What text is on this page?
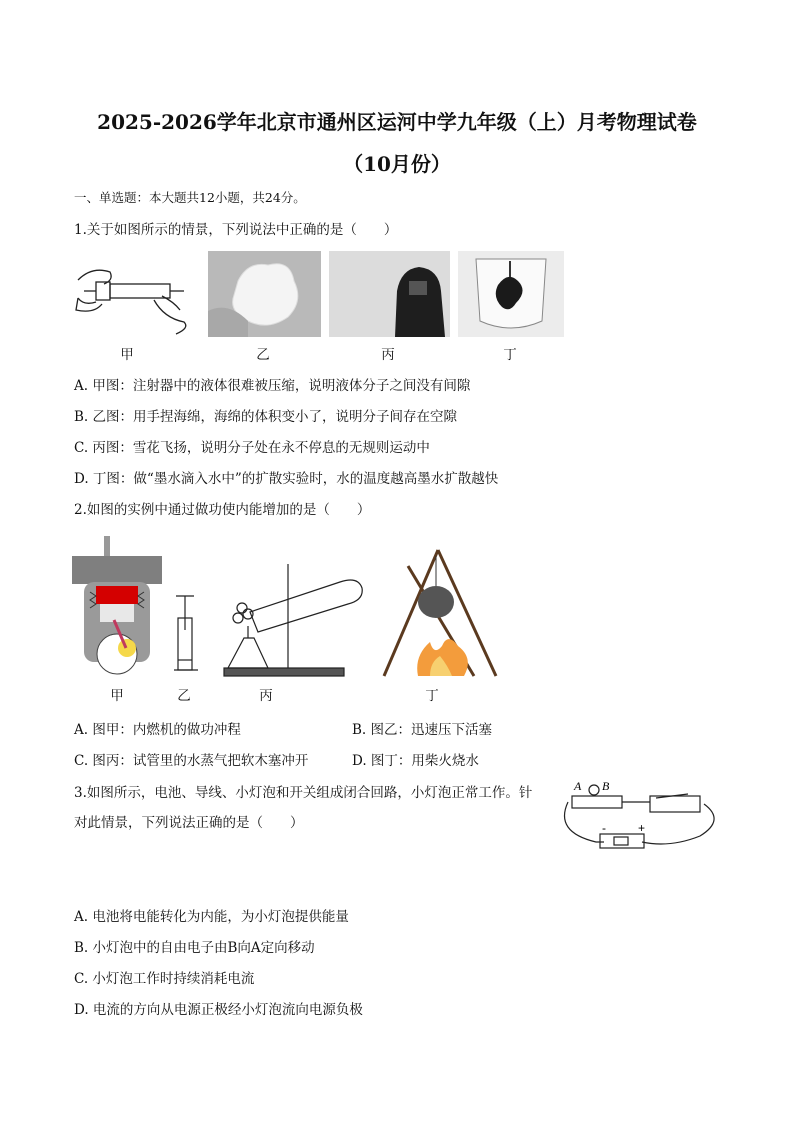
2025-2026学年北京市通州区运河中学九年级（上）月考物理试卷
（10月份）
一、单选题：本大题共12小题，共24分。
1.关于如图所示的情景，下列说法中正确的是（　　）
甲	乙	丙	丁
A. 甲图：注射器中的液体很难被压缩，说明液体分子之间没有间隙
B. 乙图：用手捏海绵，海绵的体积变小了，说明分子间存在空隙
C. 丙图：雪花飞扬，说明分子处在永不停息的无规则运动中
D. 丁图：做“墨水滴入水中”的扩散实验时，水的温度越高墨水扩散越快
2.如图的实例中通过做功使内能增加的是（　　）
甲	乙	丙	丁
A. 图甲：内燃机的做功冲程	B. 图乙：迅速压下活塞
C. 图丙：试管里的水蒸气把软木塞冲开	D. 图丁：用柴火烧水
3.如图所示，电池、导线、小灯泡和开关组成闭合回路，小灯泡正常工作。针
对此情景，下列说法正确的是（　　）
A B
-	+
A. 电池将电能转化为内能，为小灯泡提供能量
B. 小灯泡中的自由电子由B向A定向移动
C. 小灯泡工作时持续消耗电流
D. 电流的方向从电源正极经小灯泡流向电源负极
